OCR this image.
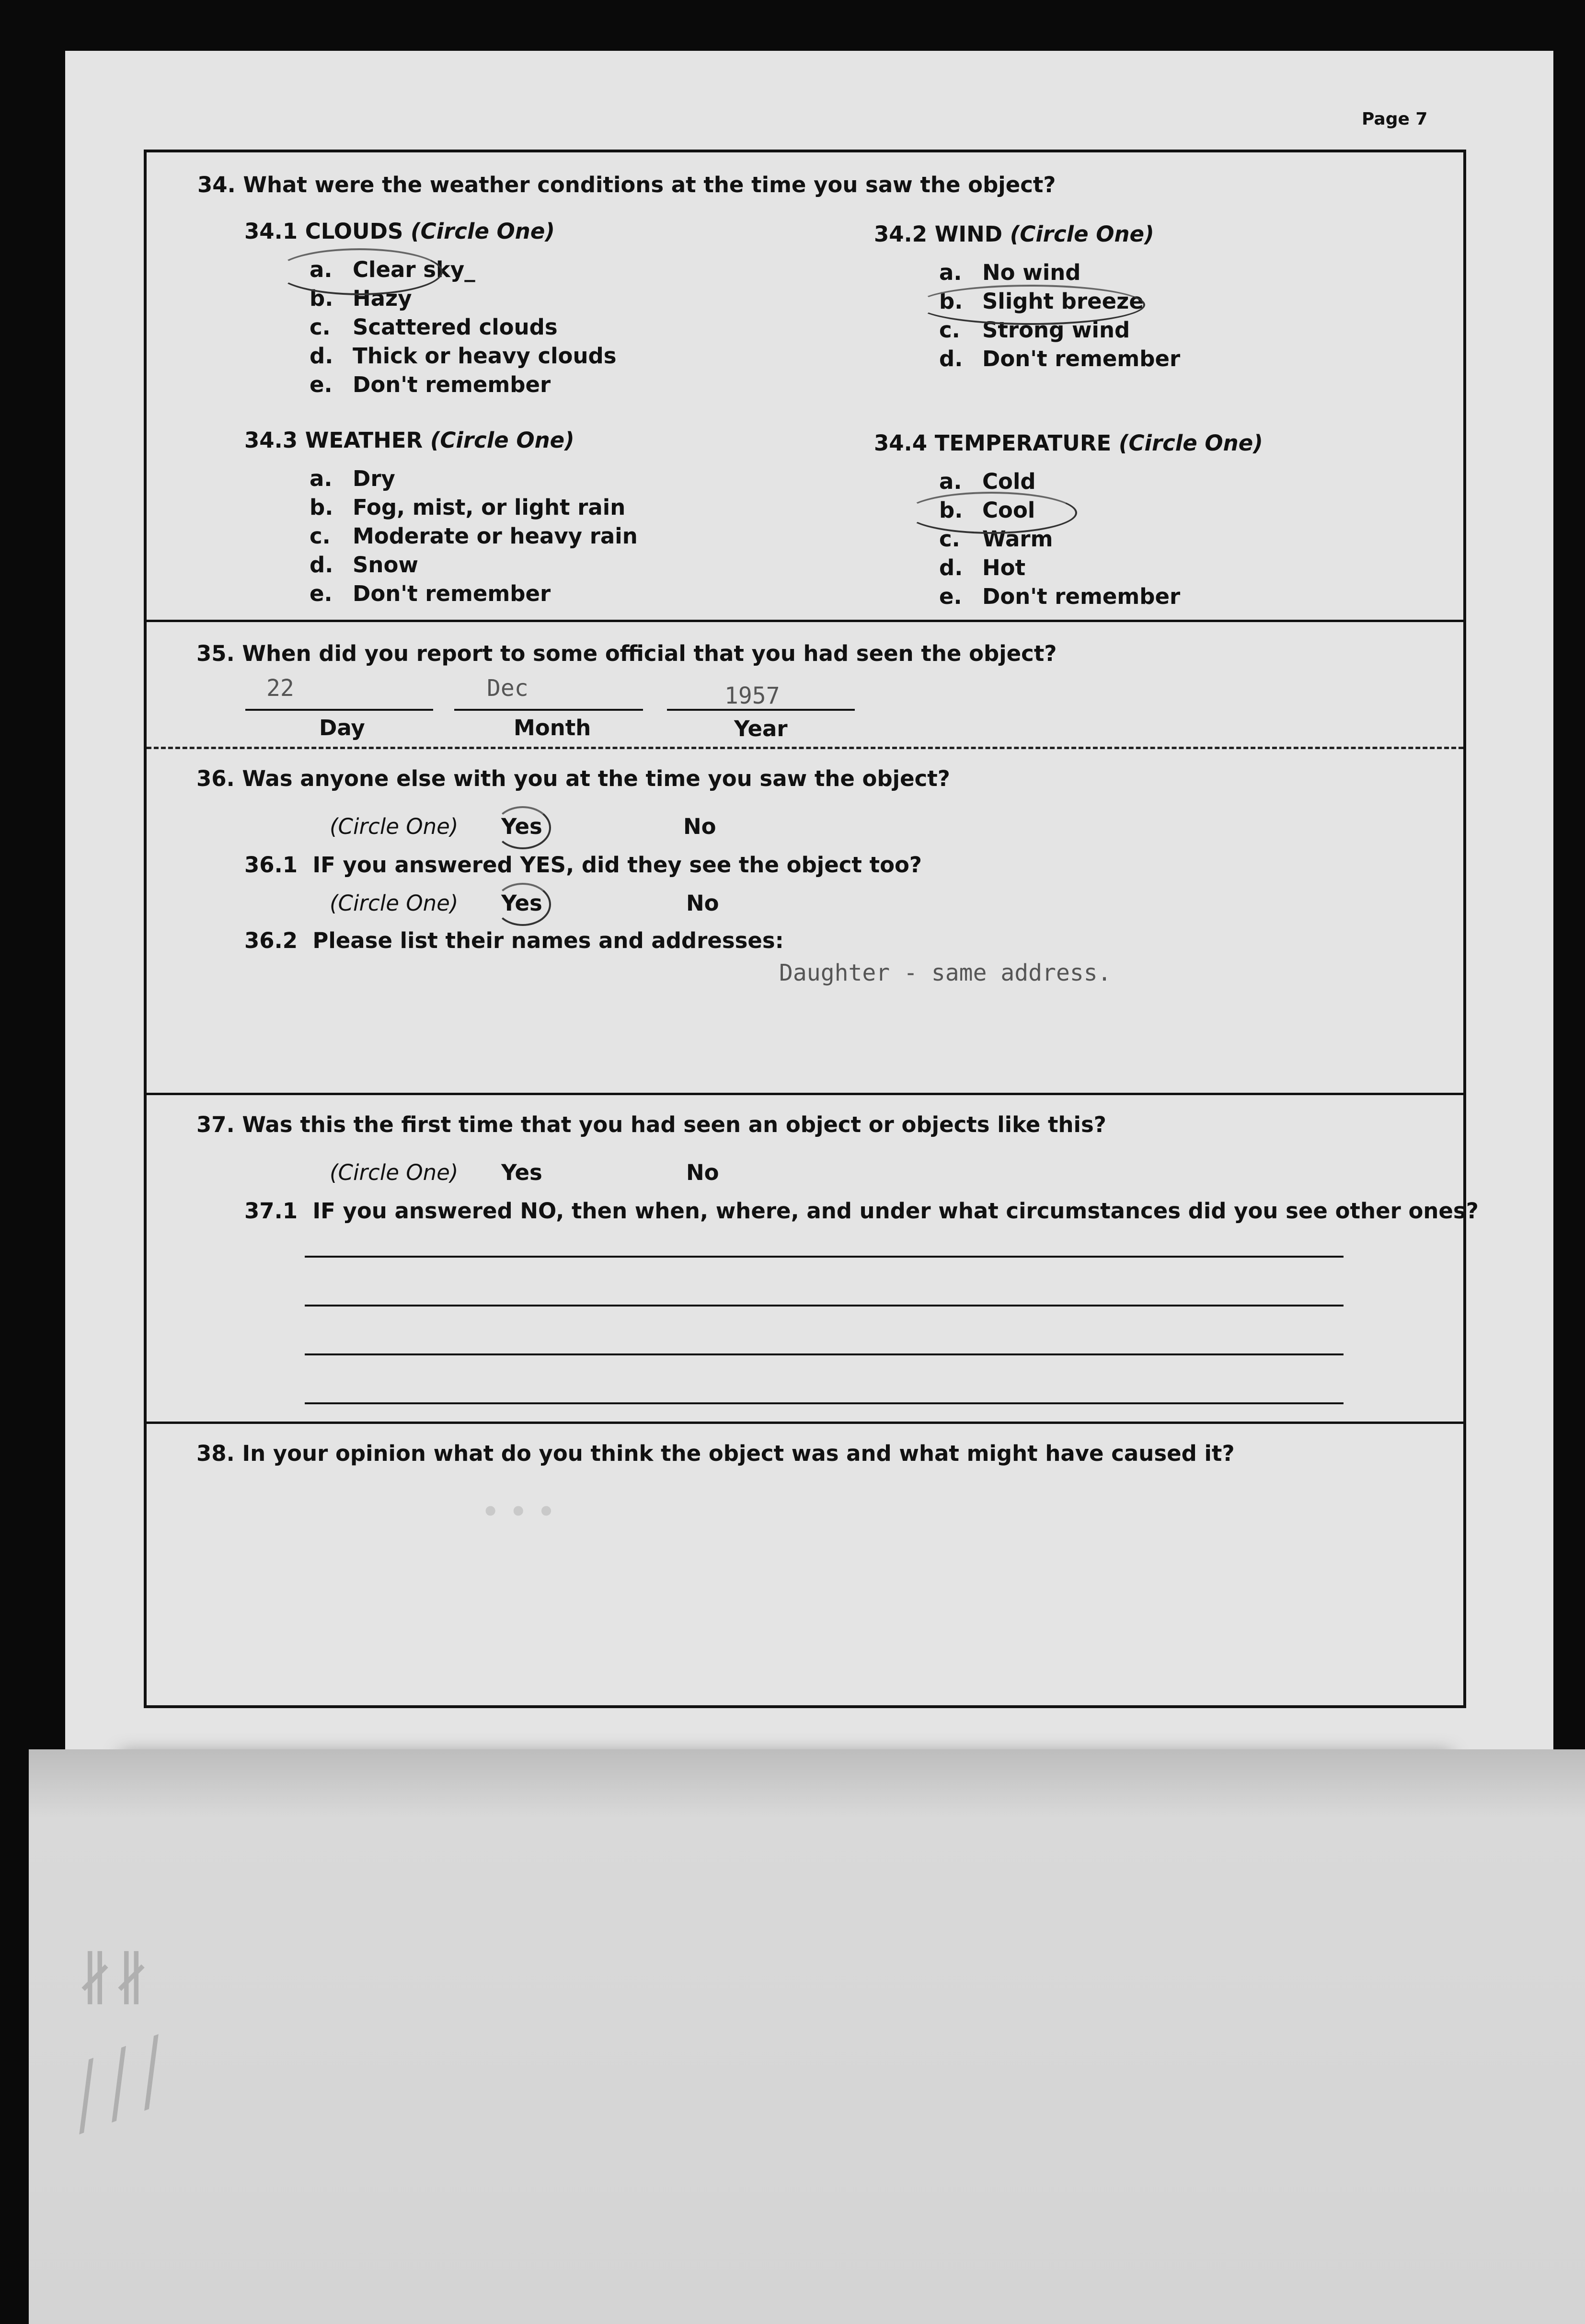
∦∦
╱╱╱
Page 7
34. What were the weather conditions at the time you saw the object?
34.1 CLOUDS (Circle One)
a. Clear sky_
b. Hazy
c. Scattered clouds
d. Thick or heavy clouds
e. Don't remember
34.2 WIND (Circle One)
a. No wind
b. Slight breeze
c. Strong wind
d. Don't remember
34.3 WEATHER (Circle One)
a. Dry
b. Fog, mist, or light rain
c. Moderate or heavy rain
d. Snow
e. Don't remember
34.4 TEMPERATURE (Circle One)
a. Cold
b. Cool
c. Warm
d. Hot
e. Don't remember
35. When did you report to some official that you had seen the object?
22
Day
Dec
Month
1957
Year
36. Was anyone else with you at the time you saw the object?
(Circle One) Yes	No
36.1 IF you answered YES, did they see the object too?
(Circle One) Yes	No
36.2 Please list their names and addresses:
Daughter - same address.
37. Was this the first time that you had seen an object or objects like this?
(Circle One) Yes	No
37.1 IF you answered NO, then when, where, and under what circumstances did you see other ones?
38. In your opinion what do you think the object was and what might have caused it?
∙ ∙ ∙
